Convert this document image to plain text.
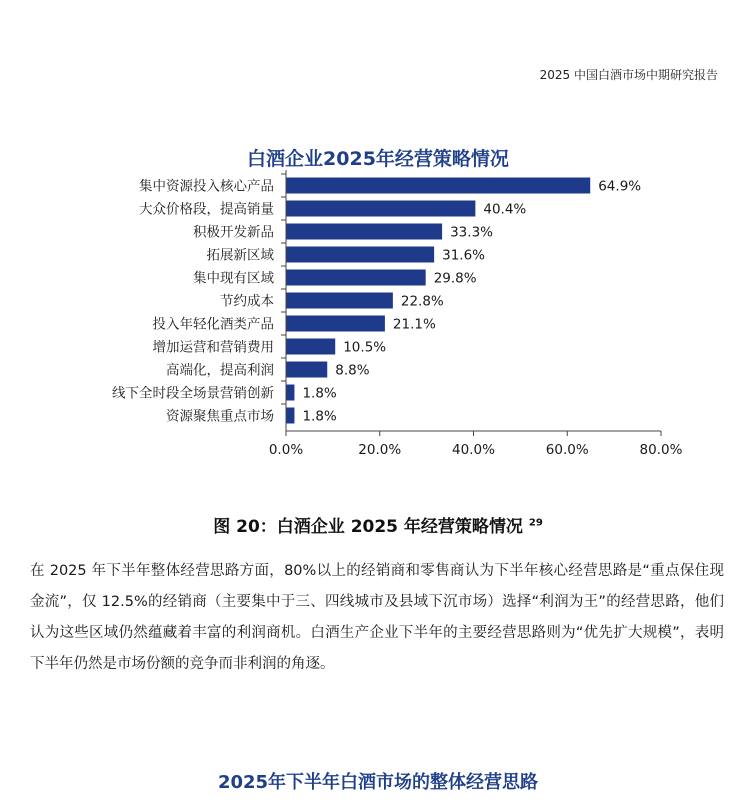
2025 中国白酒市场中期研究报告
白酒企业2025年经营策略情况
集中资源投入核心产品	64.9%
大众价格段，提高销量	40.4%
积极开发新品	33.3%
拓展新区域	31.6%
集中现有区域	29.8%
节约成本	22.8%
投入年轻化酒类产品	21.1%
增加运营和营销费用	10.5%
高端化，提高利润	8.8%
线下全时段全场景营销创新 1.8%
资源聚焦重点市场 1.8%
0.0%	20.0%	40.0%	60.0%	80.0%
图 20：白酒企业 2025 年经营策略情况 $^{29}$
在 2025 年下半年整体经营思路方面，80%以上的经销商和零售商认为下半年核心经营思路是“重点保住现金流”，仅 12.5%的经销商（主要集中于三、四线城市及县域下沉市场）选择“利润为王”的经营思路，他们认为这些区域仍然蕴藏着丰富的利润商机。白酒生产企业下半年的主要经营思路则为“优先扩大规模”，表明下半年仍然是市场份额的竞争而非利润的角逐。
2025年下半年白酒市场的整体经营思路
